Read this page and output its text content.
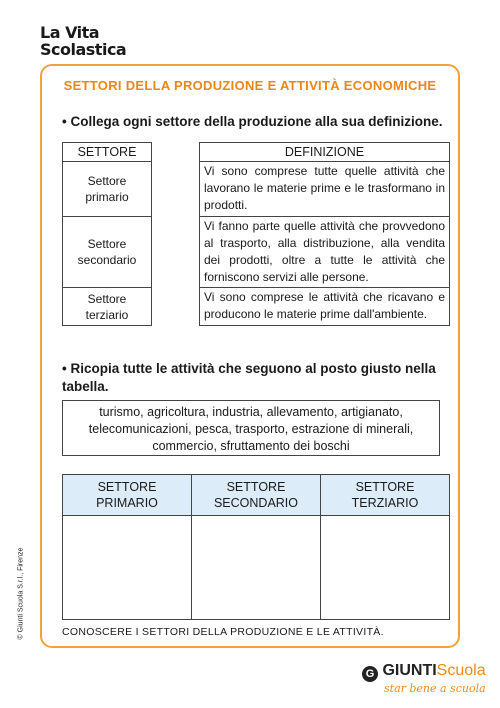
La Vita
Scolastica
SETTORI DELLA PRODUZIONE E ATTIVITÀ ECONOMICHE
• Collega ogni settore della produzione alla sua definizione.
SETTORE	DEFINIZIONE
Settore
primario
Settore
secondario
Settore
terziario
Vi sono comprese tutte quelle attività che lavorano le materie prime e le trasformano in prodotti.
Vi fanno parte quelle attività che provvedono al trasporto, alla distribuzione, alla vendita dei prodotti, oltre a tutte le attività che forniscono servizi alle persone.
Vi sono comprese le attività che ricavano e producono le materie prime dall'ambiente.
• Ricopia tutte le attività che seguono al posto giusto nella tabella.
turismo, agricoltura, industria, allevamento, artigianato, telecomunicazioni, pesca, trasporto, estrazione di minerali, commercio, sfruttamento dei boschi
SETTORE
PRIMARIO
SETTORE
SECONDARIO
SETTORE
TERZIARIO
CONOSCERE I SETTORI DELLA PRODUZIONE E LE ATTIVITÀ.
© Giunti Scuola S.r.l., Firenze
G GIUNTIScuola
star bene a scuola
